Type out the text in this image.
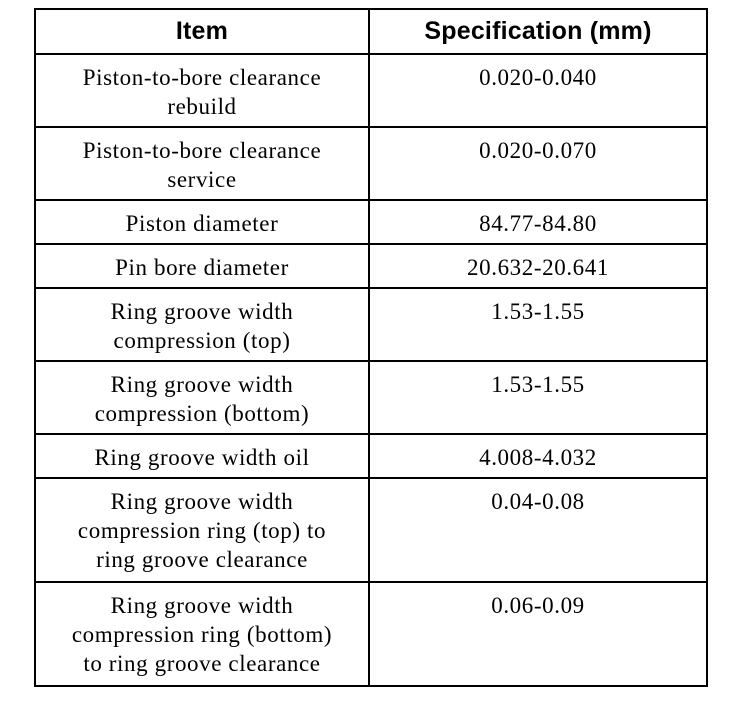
Item	Specification (mm)

Piston-to-bore clearance
rebuild	0.020-0.040

Piston-to-bore clearance
service	0.020-0.070

Piston diameter	84.77-84.80

Pin bore diameter	20.632-20.641

Ring groove width
compression (top)	1.53-1.55

Ring groove width
compression (bottom)	1.53-1.55

Ring groove width oil	4.008-4.032

Ring groove width
compression ring (top) to
ring groove clearance	0.04-0.08

Ring groove width
compression ring (bottom)
to ring groove clearance	0.06-0.09
